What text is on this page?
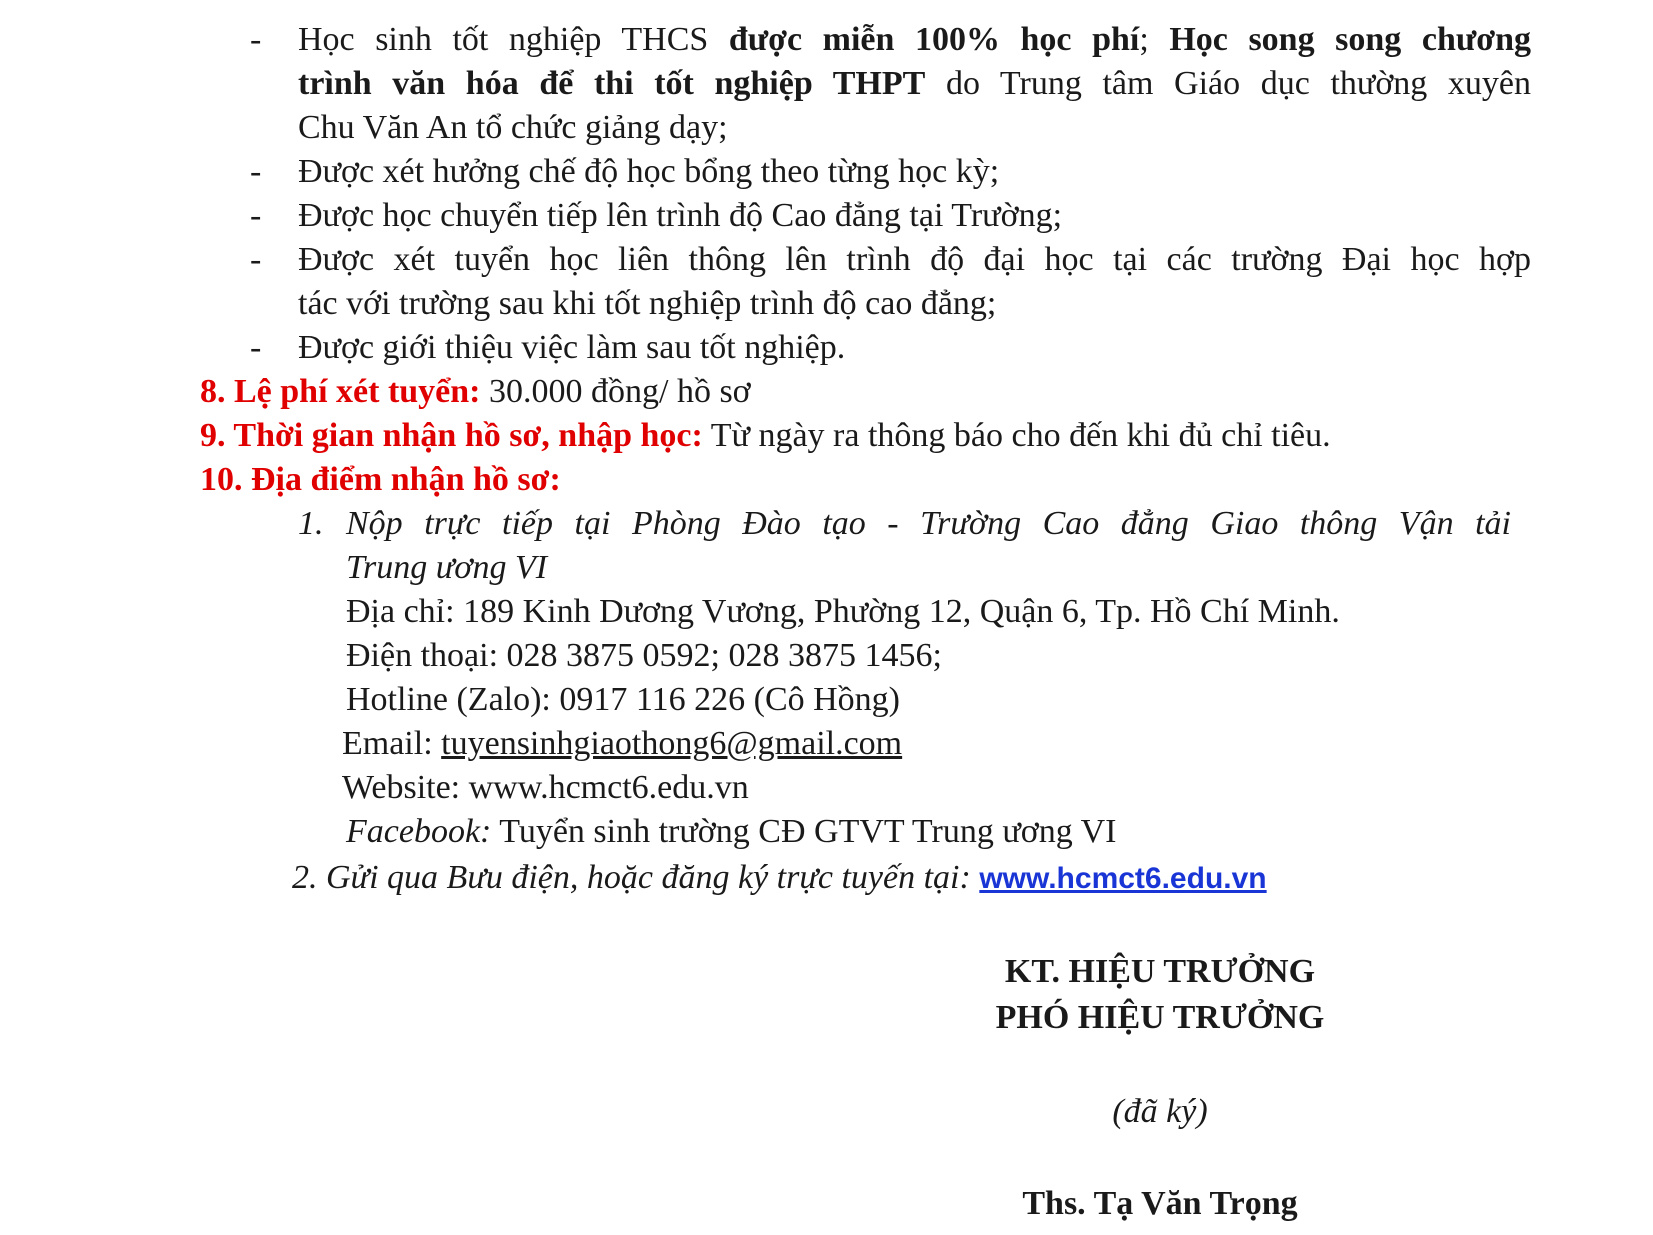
- Học sinh tốt nghiệp THCS được miễn 100% học phí; Học song song chương
trình văn hóa để thi tốt nghiệp THPT do Trung tâm Giáo dục thường xuyên
Chu Văn An tổ chức giảng dạy;
- Được xét hưởng chế độ học bổng theo từng học kỳ;
- Được học chuyển tiếp lên trình độ Cao đẳng tại Trường;
- Được xét tuyển học liên thông lên trình độ đại học tại các trường Đại học hợp
tác với trường sau khi tốt nghiệp trình độ cao đẳng;
- Được giới thiệu việc làm sau tốt nghiệp.
8. Lệ phí xét tuyển: 30.000 đồng/ hồ sơ
9. Thời gian nhận hồ sơ, nhập học: Từ ngày ra thông báo cho đến khi đủ chỉ tiêu.
10. Địa điểm nhận hồ sơ:
1. Nộp trực tiếp tại Phòng Đào tạo - Trường Cao đẳng Giao thông Vận tải
Trung ương VI
Địa chỉ: 189 Kinh Dương Vương, Phường 12, Quận 6, Tp. Hồ Chí Minh.
Điện thoại: 028 3875 0592; 028 3875 1456;
Hotline (Zalo): 0917 116 226 (Cô Hồng)
Email: tuyensinhgiaothong6@gmail.com
Website: www.hcmct6.edu.vn
Facebook: Tuyển sinh trường CĐ GTVT Trung ương VI
2. Gửi qua Bưu điện, hoặc đăng ký trực tuyến tại: www.hcmct6.edu.vn
KT. HIỆU TRƯỞNG
PHÓ HIỆU TRƯỞNG
(đã ký)
Ths. Tạ Văn Trọng
